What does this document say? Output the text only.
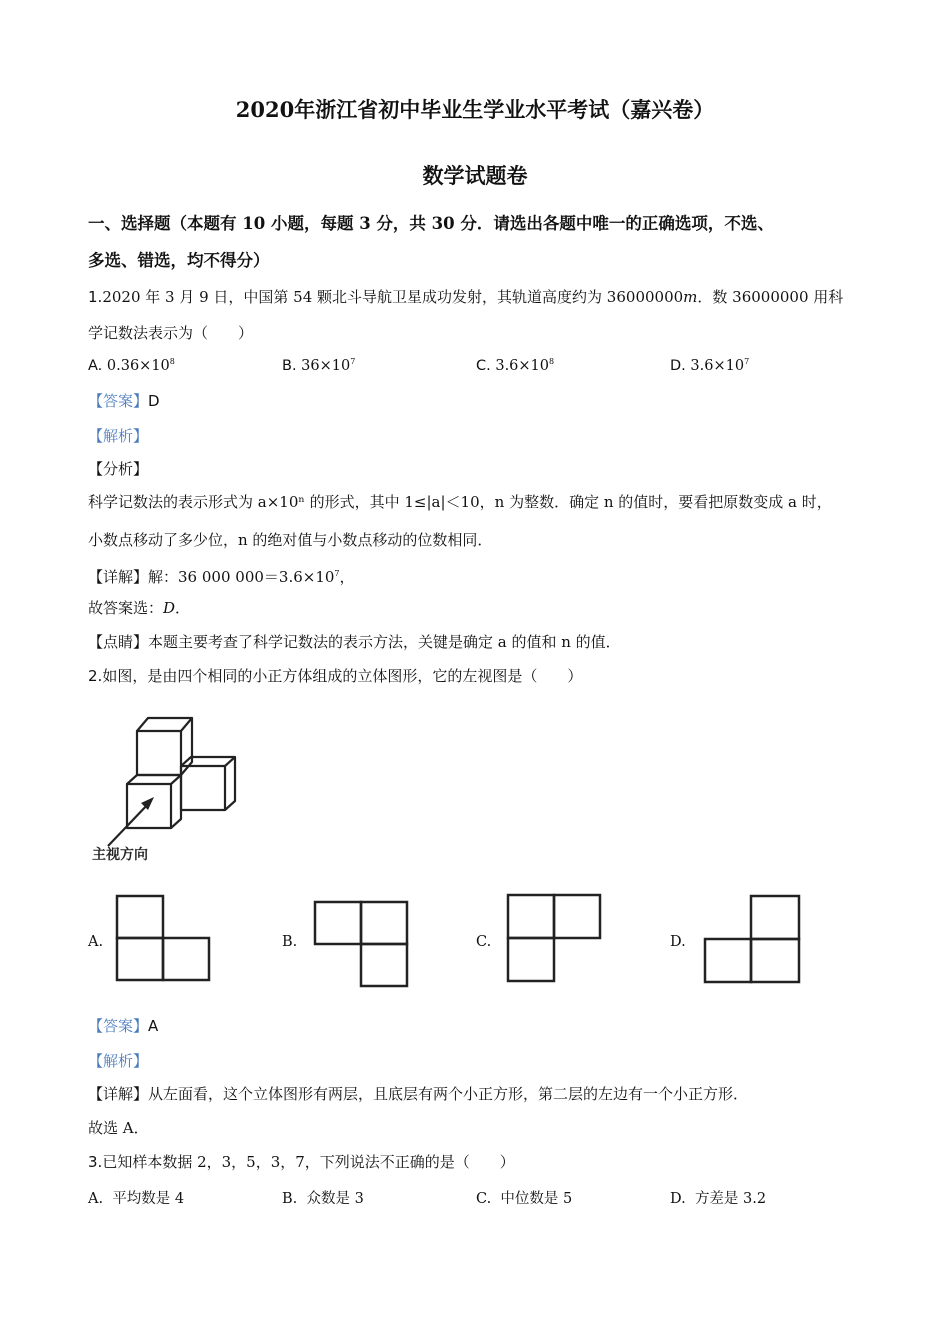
2020年浙江省初中毕业生学业水平考试（嘉兴卷）
数学试题卷
一、选择题（本题有 10 小题，每题 3 分，共 30 分．请选出各题中唯一的正确选项，不选、
多选、错选，均不得分）
1.2020 年 3 月 9 日，中国第 54 颗北斗导航卫星成功发射，其轨道高度约为 36000000m．数 36000000 用科
学记数法表示为（　　）
A. $0.36\times 10^8$	B. $36\times 10^7$	C. $3.6\times 10^8$	D. $3.6\times 10^7$
【答案】D
【解析】
【分析】
科学记数法的表示形式为 a×10ⁿ 的形式，其中 1≤|a|＜10，n 为整数．确定 n 的值时，要看把原数变成 a 时，
小数点移动了多少位，n 的绝对值与小数点移动的位数相同．
【详解】解：36 000 $000=3.6\times 10^7$，
故答案选：D．
【点睛】本题主要考查了科学记数法的表示方法，关键是确定 a 的值和 n 的值．
2.如图，是由四个相同的小正方体组成的立体图形，它的左视图是（　　）
主视方向
A.	B.	C.	D.
【答案】A
【解析】
【详解】从左面看，这个立体图形有两层，且底层有两个小正方形，第二层的左边有一个小正方形．
故选 A．
3.已知样本数据 2，3，5，3，7，下列说法不正确的是（　　）
A. 平均数是 4	B. 众数是 3	C. 中位数是 5	D. 方差是 3.2
